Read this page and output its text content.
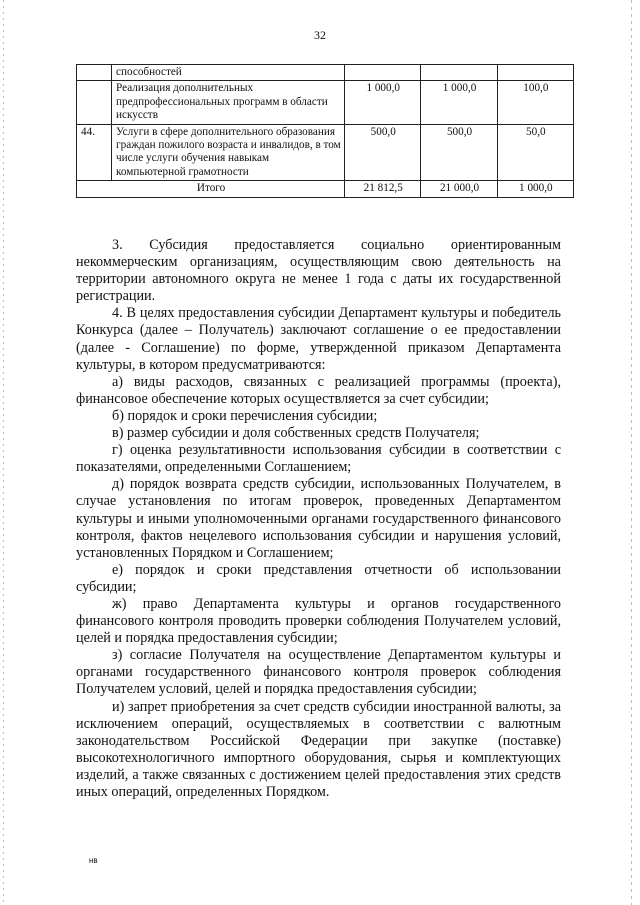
32
	способностей			
	Реализация дополнительных предпрофессиональных программ в области искусств	1 000,0	1 000,0	100,0
44.	Услуги в сфере дополнительного образования граждан пожилого возраста и инвалидов, в том числе услуги обучения навыкам компьютерной грамотности	500,0	500,0	50,0
Итого		21 812,5	21 000,0	1 000,0

3. Субсидия предоставляется социально ориентированным некоммерческим организациям, осуществляющим свою деятельность на территории автономного округа не менее 1 года с даты их государственной регистрации.

4. В целях предоставления субсидии Департамент культуры и победитель Конкурса (далее – Получатель) заключают соглашение о ее предоставлении (далее - Соглашение) по форме, утвержденной приказом Департамента культуры, в котором предусматриваются:

а) виды расходов, связанных с реализацией программы (проекта), финансовое обеспечение которых осуществляется за счет субсидии;

б) порядок и сроки перечисления субсидии;

в) размер субсидии и доля собственных средств Получателя;

г) оценка результативности использования субсидии в соответствии с показателями, определенными Соглашением;

д) порядок возврата средств субсидии, использованных Получателем, в случае установления по итогам проверок, проведенных Департаментом культуры и иными уполномоченными органами государственного финансового контроля, фактов нецелевого использования субсидии и нарушения условий, установленных Порядком и Соглашением;

е) порядок и сроки представления отчетности об использовании субсидии;

ж) право Департамента культуры и органов государственного финансового контроля проводить проверки соблюдения Получателем условий, целей и порядка предоставления субсидии;

з) согласие Получателя на осуществление Департаментом культуры и органами государственного финансового контроля проверок соблюдения Получателем условий, целей и порядка предоставления субсидии;

и) запрет приобретения за счет средств субсидии иностранной валюты, за исключением операций, осуществляемых в соответствии с валютным законодательством Российской Федерации при закупке (поставке) высокотехнологичного импортного оборудования, сырья и комплектующих изделий, а также связанных с достижением целей предоставления этих средств иных операций, определенных Порядком.

нв
